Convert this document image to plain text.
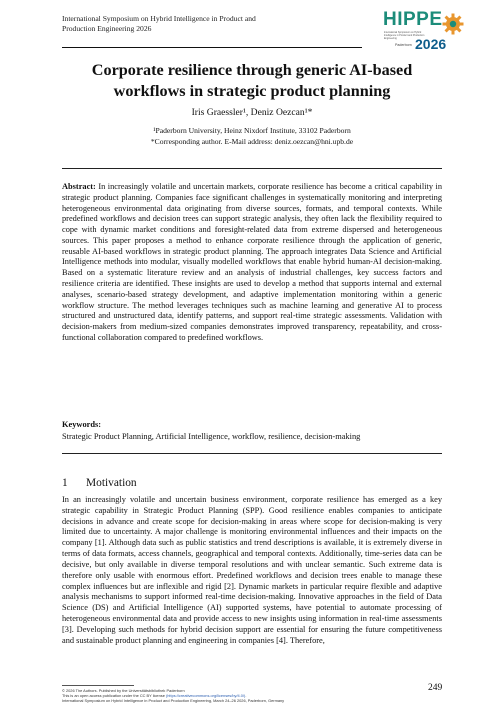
International Symposium on Hybrid Intelligence in Product and
Production Engineering 2026	HIPPE
International Symposium on Hybrid Intelligence in Product and Production Engineering
Paderborn 2026
Corporate resilience through generic AI-based workflows in strategic product planning
Iris Graessler¹, Deniz Oezcan¹*
¹Paderborn University, Heinz Nixdorf Institute, 33102 Paderborn
*Corresponding author. E-Mail address: deniz.oezcan@hni.upb.de

Abstract: In increasingly volatile and uncertain markets, corporate resilience has become a critical capability in strategic product planning. Companies face significant challenges in systematically monitoring and interpreting heterogeneous environmental data originating from diverse sources, formats, and temporal contexts. While predefined workflows and decision trees can support strategic analysis, they often lack the flexibility required to cope with dynamic market conditions and foresight-related data from extreme dispersed and heterogeneous sources. This paper proposes a method to enhance corporate resilience through the application of generic, reusable AI-based workflows in strategic product planning. The approach integrates Data Science and Artificial Intelligence methods into modular, visually modelled workflows that enable hybrid human-AI decision-making. Based on a systematic literature review and an analysis of industrial challenges, key success factors and resilience criteria are identified. These insights are used to develop a method that supports internal and external analyses, scenario-based strategy development, and adaptive implementation monitoring within a generic workflow structure. The method leverages techniques such as machine learning and generative AI to process structured and unstructured data, identify patterns, and support real-time strategic assessments. Validation with decision-makers from medium-sized companies demonstrates improved transparency, repeatability, and cross-functional collaboration compared to predefined workflows.

Keywords:
Strategic Product Planning, Artificial Intelligence, workflow, resilience, decision-making
1 Motivation

In an increasingly volatile and uncertain business environment, corporate resilience has emerged as a key strategic capability in Strategic Product Planning (SPP). Good resilience enables companies to anticipate decisions in advance and create scope for decision-making in areas where scope for decision-making is very limited due to uncertainty. A major challenge is monitoring environmental influences and their impacts on the company [1]. Although data such as public statistics and trend descriptions is available, it is extremely diverse in terms of data formats, access channels, geographical and temporal contexts. Additionally, time-series data can be decisive, but only available in diverse temporal resolutions and with unclear semantic. Such extreme data is therefore only usable with enormous effort. Predefined workflows and decision trees enable to manage these complex influences but are inflexible and rigid [2]. Dynamic markets in particular require flexible and adaptive analysis mechanisms to support informed real-time decision-making. Innovative approaches in the field of Data Science (DS) and Artificial Intelligence (AI) supported systems, have potential to automate processing of heterogeneous environmental data and provide access to new insights using information in real-time assessments [3]. Developing such methods for hybrid decision support are essential for ensuring the future competitiveness and sustainable product planning and engineering in companies [4]. Therefore,

© 2026 The Authors. Published by the Universitätsbibliothek Paderborn
This is an open access publication under the CC BY license (https://creativecommons.org/licenses/by/4.0/).
International Symposium on Hybrid Intelligence in Product and Production Engineering, March 24–26 2026, Paderborn, Germany
249
